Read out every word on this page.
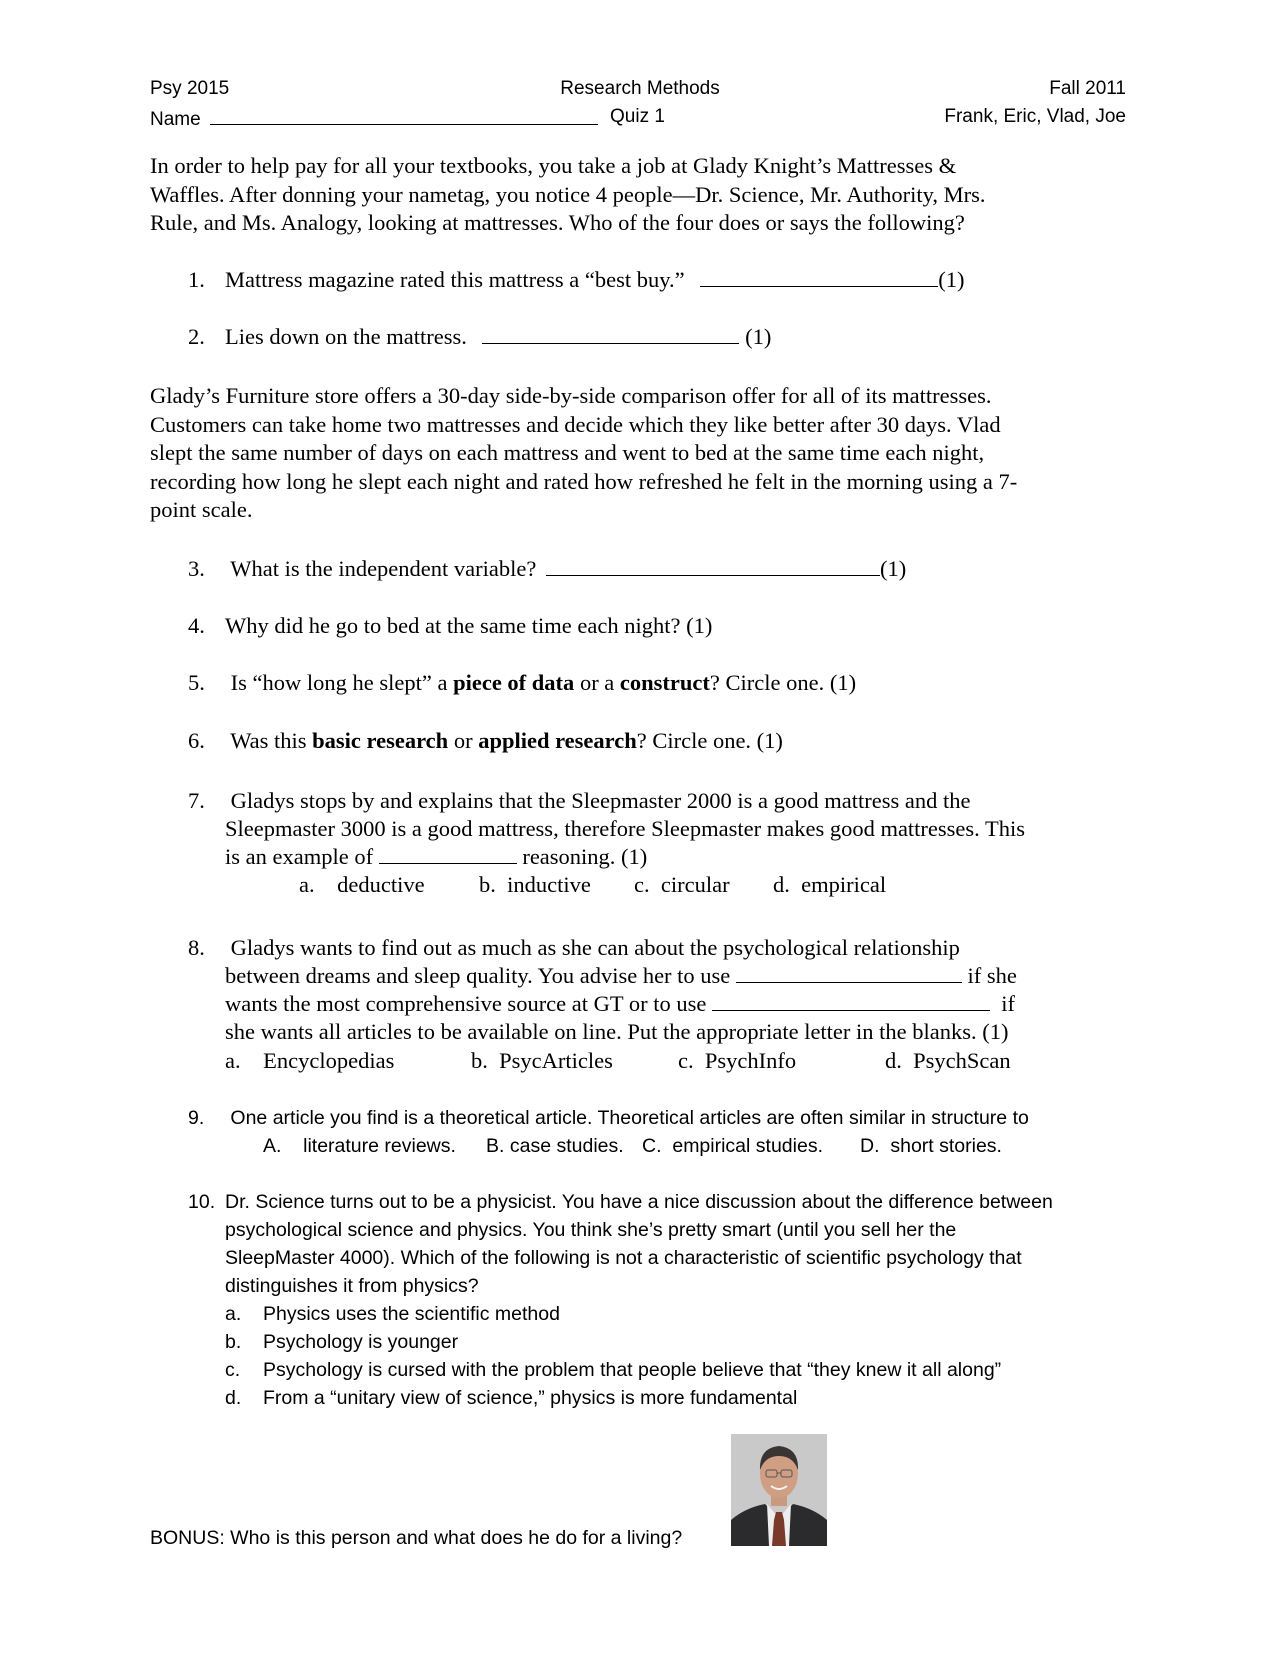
Psy 2015	Research Methods	Fall 2011
Name	Quiz 1	Frank, Eric, Vlad, Joe
In order to help pay for all your textbooks, you take a job at Glady Knight’s Mattresses &
Waffles. After donning your nametag, you notice 4 people—Dr. Science, Mr. Authority, Mrs.
Rule, and Ms. Analogy, looking at mattresses. Who of the four does or says the following?
1. Mattress magazine rated this mattress a “best buy.”	(1)
2. Lies down on the mattress.	(1)
Glady’s Furniture store offers a 30-day side-by-side comparison offer for all of its mattresses.
Customers can take home two mattresses and decide which they like better after 30 days. Vlad
slept the same number of days on each mattress and went to bed at the same time each night,
recording how long he slept each night and rated how refreshed he felt in the morning using a 7-
point scale.
3. What is the independent variable?	(1)
4. Why did he go to bed at the same time each night? (1)
5. Is “how long he slept” a piece of data or a construct? Circle one. (1)
6. Was this basic research or applied research? Circle one. (1)
7. Gladys stops by and explains that the Sleepmaster 2000 is a good mattress and the
Sleepmaster 3000 is a good mattress, therefore Sleepmaster makes good mattresses. This
is an example of	reasoning. (1)
a. deductive b. inductive c. circular d. empirical
8. Gladys wants to find out as much as she can about the psychological relationship
between dreams and sleep quality. You advise her to use	if she
wants the most comprehensive source at GT or to use	if
she wants all articles to be available on line. Put the appropriate letter in the blanks. (1)
a. Encyclopedias	b. PsycArticles	c. PsychInfo	d. PsychScan
9. One article you find is a theoretical article. Theoretical articles are often similar in structure to
A. literature reviews. B. case studies. C. empirical studies. D. short stories.
10. Dr. Science turns out to be a physicist. You have a nice discussion about the difference between
psychological science and physics. You think she’s pretty smart (until you sell her the
SleepMaster 4000). Which of the following is not a characteristic of scientific psychology that
distinguishes it from physics?
a. Physics uses the scientific method
b. Psychology is younger
c. Psychology is cursed with the problem that people believe that “they knew it all along”
d. From a “unitary view of science,” physics is more fundamental
BONUS: Who is this person and what does he do for a living?
